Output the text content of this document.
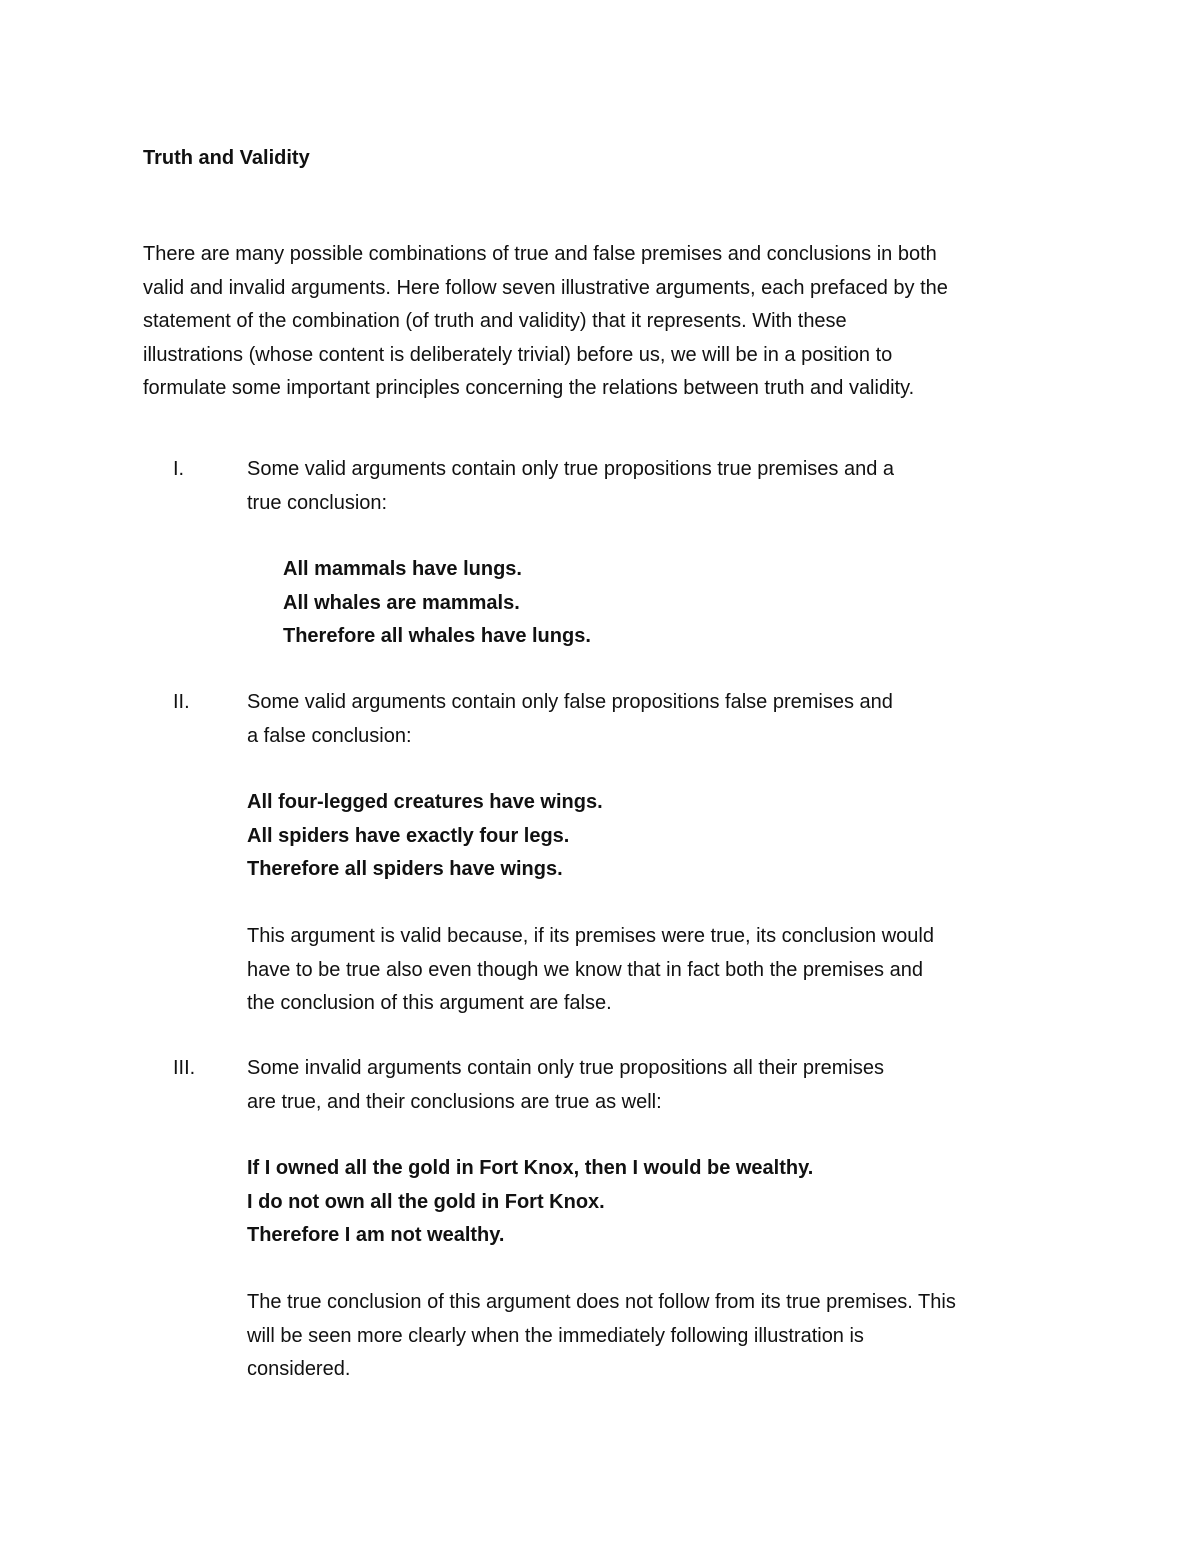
Truth and Validity
There are many possible combinations of true and false premises and conclusions in both
valid and invalid arguments. Here follow seven illustrative arguments, each prefaced by the
statement of the combination (of truth and validity) that it represents. With these
illustrations (whose content is deliberately trivial) before us, we will be in a position to
formulate some important principles concerning the relations between truth and validity.
I.	Some valid arguments contain only true propositions true premises and a
true conclusion:
All mammals have lungs.
All whales are mammals.
Therefore all whales have lungs.
II.	Some valid arguments contain only false propositions false premises and
a false conclusion:
All four-legged creatures have wings.
All spiders have exactly four legs.
Therefore all spiders have wings.
This argument is valid because, if its premises were true, its conclusion would
have to be true also even though we know that in fact both the premises and
the conclusion of this argument are false.
III.	Some invalid arguments contain only true propositions all their premises
are true, and their conclusions are true as well:
If I owned all the gold in Fort Knox, then I would be wealthy.
I do not own all the gold in Fort Knox.
Therefore I am not wealthy.
The true conclusion of this argument does not follow from its true premises. This
will be seen more clearly when the immediately following illustration is
considered.
